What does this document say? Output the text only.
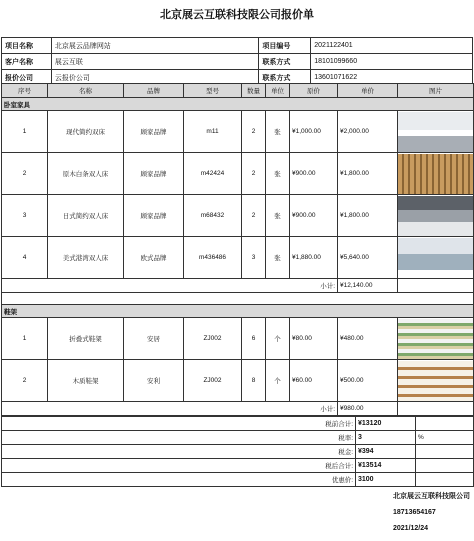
北京展云互联科技限公司报价单
项目名称	北京展云品牌网站	项目编号	2021122401
客户名称	展云互联	联系方式	18101099660
报价公司	云报价公司	联系方式	13601071622
序号	名称	品牌	型号	数量	单位	原价	单价	图片
卧室家具								
1	现代简约双床	顾家品牌	m11	2	张	¥1,000.00	¥2,000.00	

2	原木白条双人床	顾家品牌	m42424	2	张	¥900.00	¥1,800.00	

3	日式简约双人床	顾家品牌	m68432	2	张	¥900.00	¥1,800.00	

4	美式港湾双人床	欧式品牌	m436486	3	张	¥1,880.00	¥5,640.00	

小计:							¥12,140.00	

鞋架								
1	折叠式鞋架	安居	ZJ002	6	个	¥80.00	¥480.00	

2	木质鞋架	安利	ZJ002	8	个	¥60.00	¥500.00	

小计:							¥980.00	
税前合计:	¥13120	
税率:	3	%
税金:	¥394	
税后合计:	¥13514	
优惠价:	3100	
北京展云互联科技限公司
18713654167
2021/12/24
